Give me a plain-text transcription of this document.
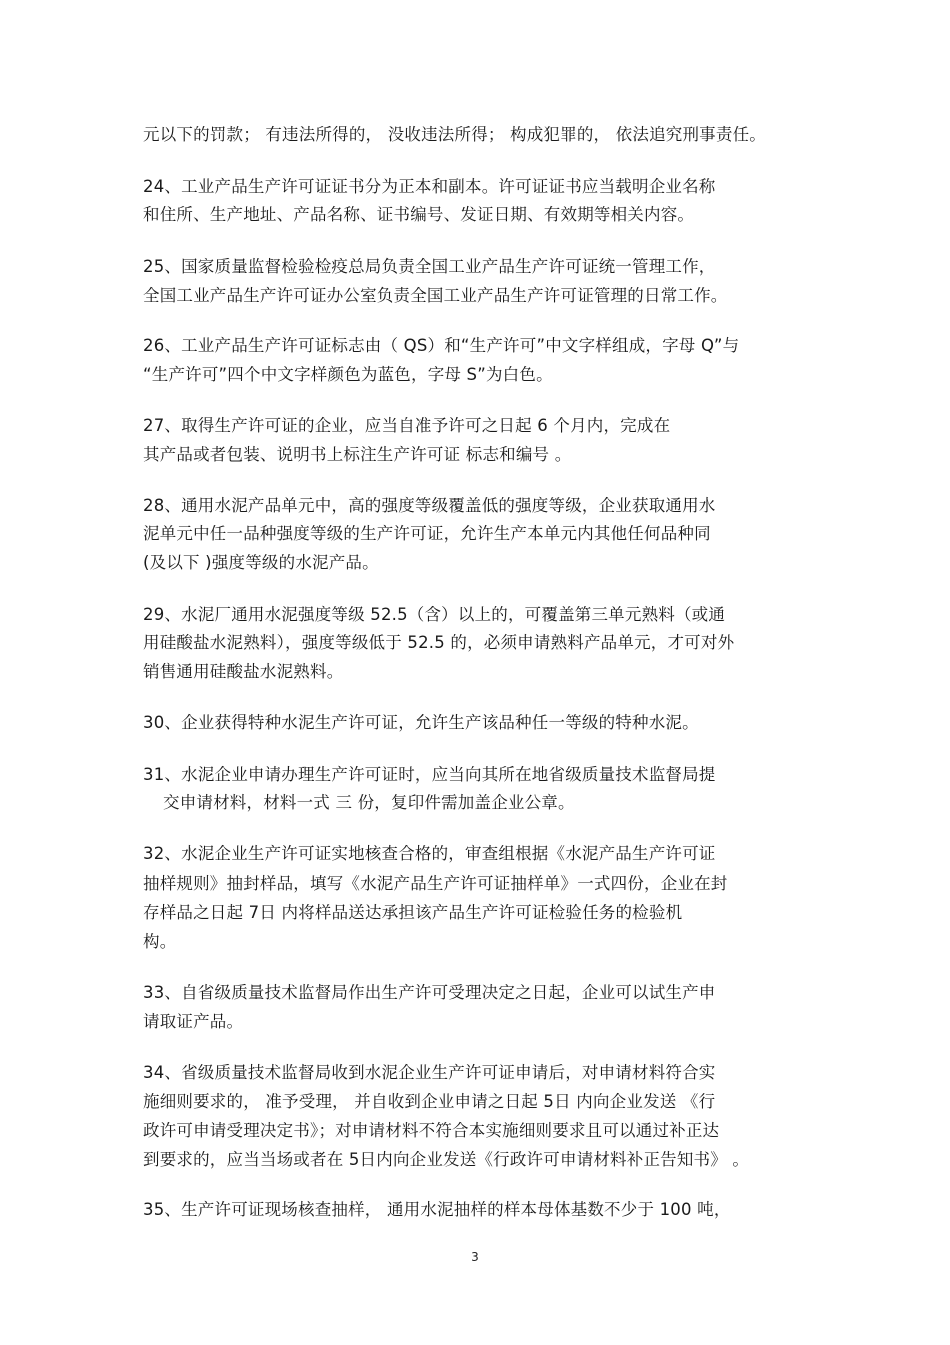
元以下的罚款； 有违法所得的， 没收违法所得； 构成犯罪的， 依法追究刑事责任。
24、工业产品生产许可证证书分为正本和副本。许可证证书应当载明企业名称
和住所、生产地址、产品名称、证书编号、发证日期、有效期等相关内容。
25、国家质量监督检验检疫总局负责全国工业产品生产许可证统一管理工作，
全国工业产品生产许可证办公室负责全国工业产品生产许可证管理的日常工作。
26、工业产品生产许可证标志由（ QS）和“生产许可”中文字样组成，字母 Q”与
“生产许可”四个中文字样颜色为蓝色，字母 S”为白色。
27、取得生产许可证的企业，应当自准予许可之日起 6 个月内，完成在
其产品或者包装、说明书上标注生产许可证 标志和编号 。
28、通用水泥产品单元中，高的强度等级覆盖低的强度等级，企业获取通用水
泥单元中任一品种强度等级的生产许可证，允许生产本单元内其他任何品种同
(及以下 )强度等级的水泥产品。
29、水泥厂通用水泥强度等级 52.5（含）以上的，可覆盖第三单元熟料（或通
用硅酸盐水泥熟料），强度等级低于 52.5 的，必须申请熟料产品单元，才可对外
销售通用硅酸盐水泥熟料。
30、企业获得特种水泥生产许可证，允许生产该品种任一等级的特种水泥。
31、水泥企业申请办理生产许可证时，应当向其所在地省级质量技术监督局提
交申请材料，材料一式 三 份，复印件需加盖企业公章。
32、水泥企业生产许可证实地核查合格的，审查组根据《水泥产品生产许可证
抽样规则》抽封样品，填写《水泥产品生产许可证抽样单》一式四份，企业在封
存样品之日起 7日 内将样品送达承担该产品生产许可证检验任务的检验机
构。
33、自省级质量技术监督局作出生产许可受理决定之日起，企业可以试生产申
请取证产品。
34、省级质量技术监督局收到水泥企业生产许可证申请后，对申请材料符合实
施细则要求的， 准予受理， 并自收到企业申请之日起 5日 内向企业发送 《行
政许可申请受理决定书》；对申请材料不符合本实施细则要求且可以通过补正达
到要求的，应当当场或者在 5日内向企业发送《行政许可申请材料补正告知书》 。
35、生产许可证现场核查抽样， 通用水泥抽样的样本母体基数不少于 100 吨，
3
